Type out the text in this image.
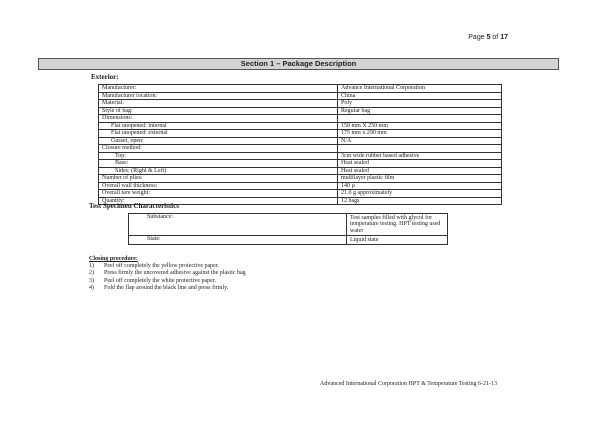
Page 5 of 17
Section 1 – Package Description
Exterior:
Manufacturer:	Advance International Corporation
Manufacturer location:	China
Material:	Poly
Style of bag:	Regular bag
Dimensions:	
Flat unopened: internal	150 mm X 250 mm
Flat unopened: external	175 mm x 290 mm
Gusset, open:	N/A
Closure method:	
Top:	3cm wide rubber based adhesive
Base:	Heat sealed
Sides: (Right & Left)	Heat sealed
Number of plies:	multilayer plastic film
Overall wall thickness:	140 µ
Overall tare weight:	21.0 g approximately
Quantity:	12 bags
Test Specimen Characteristics
Substance:	Test samples filled with glycol for temperature testing. HPT testing used water
State:	Liquid state
Closing procedure:
1)	Peel off completely the yellow protective paper.
2)	Press firmly the uncovered adhesive against the plastic bag
3)	Peel off completely the white protective paper.
4)	Fold the flap around the black line and press firmly.
Advanced International Corporation HPT & Temperature Testing 6-21-13
